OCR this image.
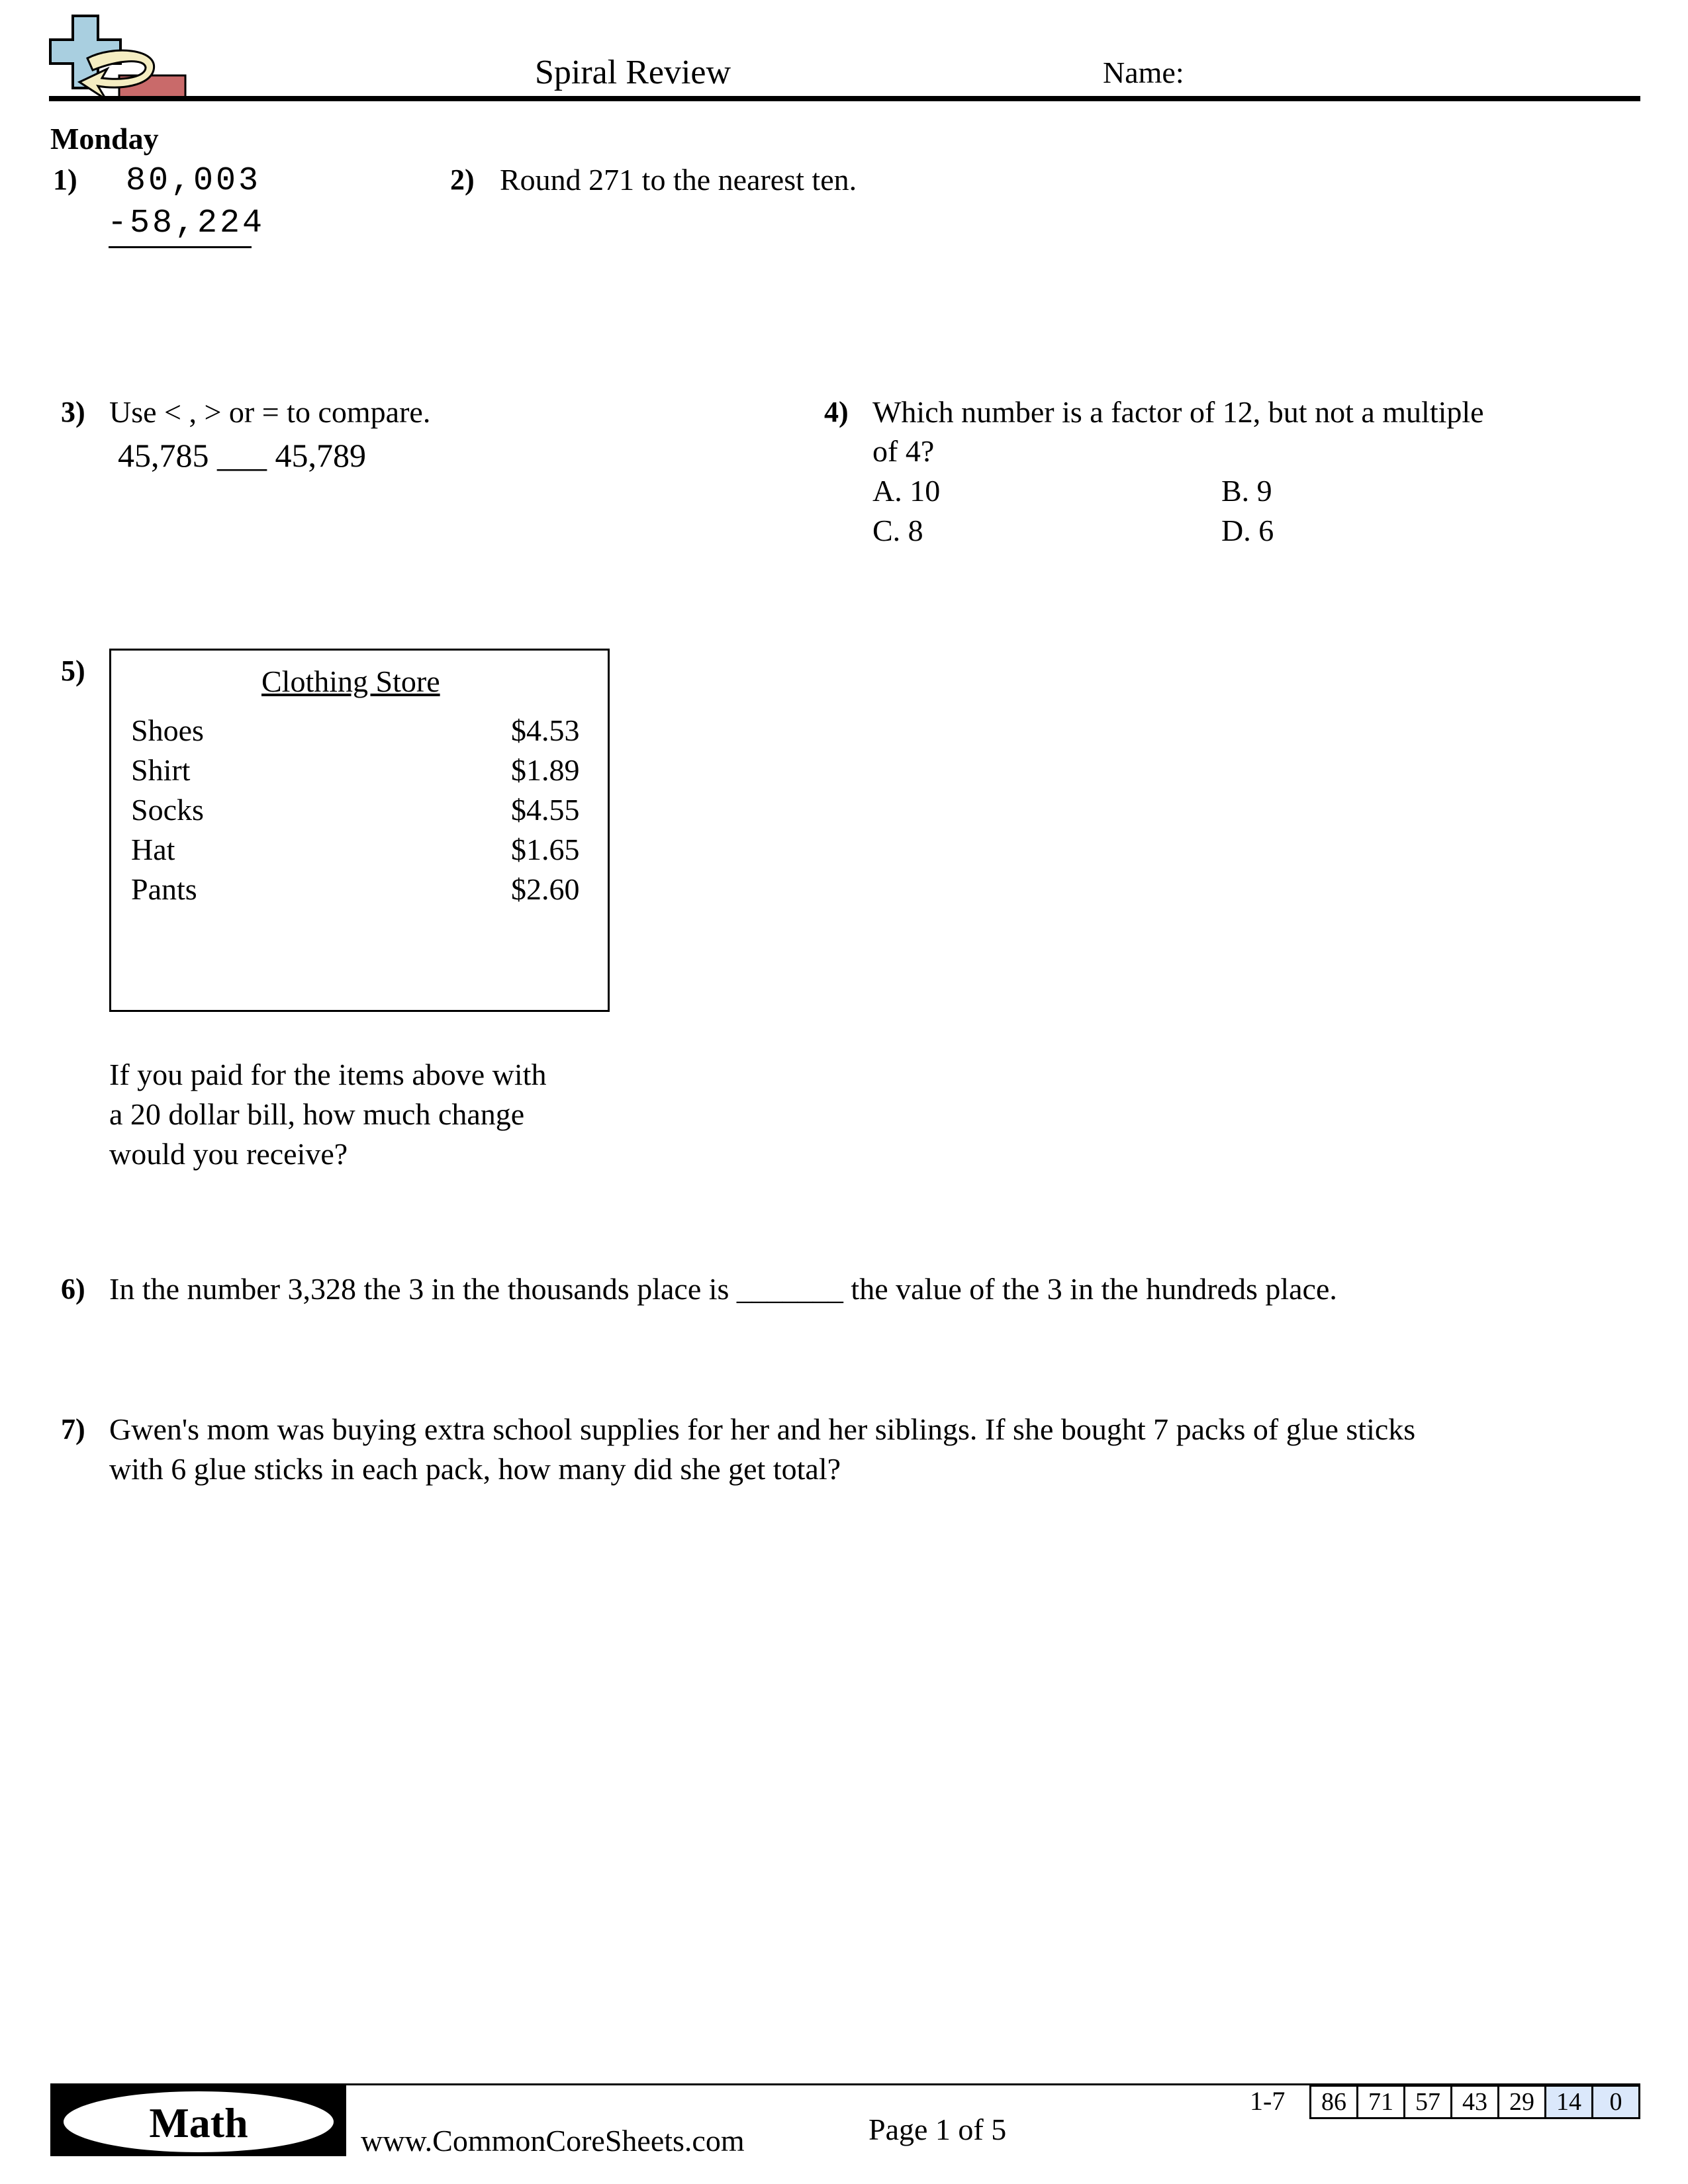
Spiral Review	Name:
Monday
1) 80,003
-58,224
2) Round 271 to the nearest ten.
3) Use < , > or = to compare.
45,785 ___ 45,789
4) Which number is a factor of 12, but not a multiple
of 4?
A. 10	B. 9
C. 8	D. 6
5)	Clothing Store
Shoes	$4.53
Shirt	$1.89
Socks	$4.55
Hat	$1.65
Pants	$2.60
If you paid for the items above with
a 20 dollar bill, how much change
would you receive?
6) In the number 3,328 the 3 in the thousands place is _______ the value of the 3 in the hundreds place.
7) Gwen's mom was buying extra school supplies for her and her siblings. If she bought 7 packs of glue sticks
with 6 glue sticks in each pack, how many did she get total?
Math	www.CommonCoreSheets.com	Page 1 of 5
1-7	86 71 57 43 29 14	0
